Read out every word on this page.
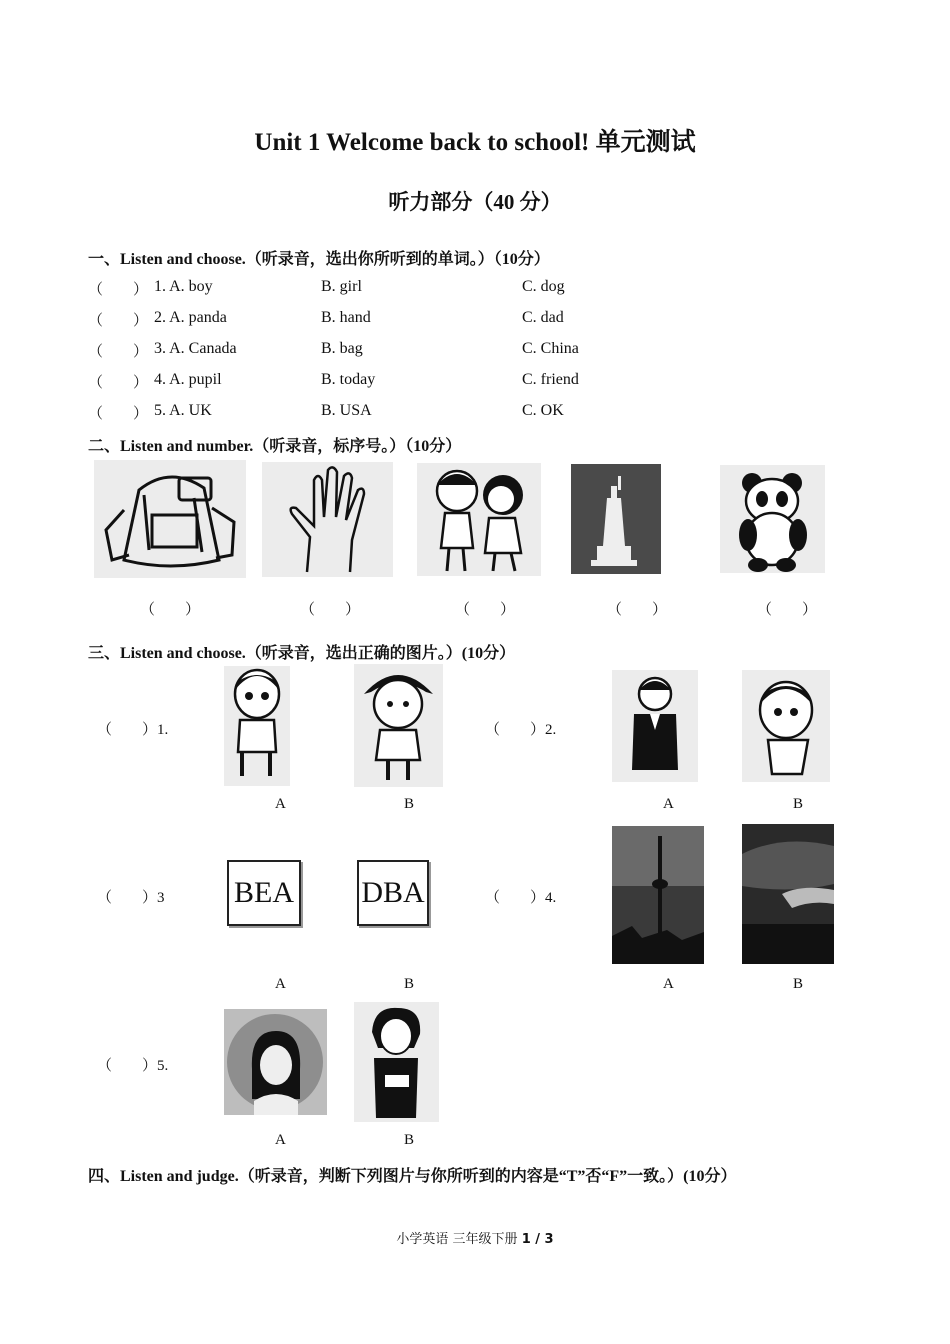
Unit 1 Welcome back to school! 单元测试
听力部分（40 分）
一、Listen and choose.（听录音，选出你所听到的单词。）（10分）
（　　） 1. A. boy	B. girl	C. dog
（　　） 2. A. panda	B. hand	C. dad
（　　） 3. A. Canada	B. bag	C. China
（　　） 4. A. pupil	B. today	C. friend
（　　） 5. A. UK	B. USA	C. OK
二、Listen and number.（听录音，标序号。）（10分）
（　　）	（　　）	（　　）	（　　）	（　　）
三、Listen and choose.（听录音，选出正确的图片。）(10分）
（　　）1.
A	B
（　　）2.
A	B
（　　）3 BEA DBA
A	B
（　　）4.
A	B
（　　）5.
A	B
四、Listen and judge.（听录音，判断下列图片与你所听到的内容是“T”否“F”一致。）(10分）
小学英语 三年级下册 1 / 3
